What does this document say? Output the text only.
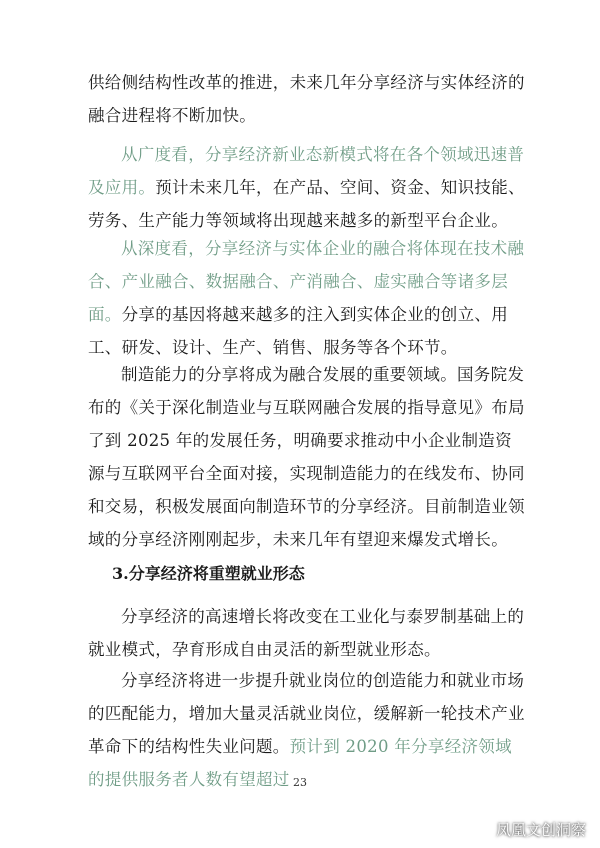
供给侧结构性改革的推进，未来几年分享经济与实体经济的融合进程将不断加快。

从广度看，分享经济新业态新模式将在各个领域迅速普及应用。预计未来几年，在产品、空间、资金、知识技能、劳务、生产能力等领域将出现越来越多的新型平台企业。

从深度看，分享经济与实体企业的融合将体现在技术融合、产业融合、数据融合、产消融合、虚实融合等诸多层面。分享的基因将越来越多的注入到实体企业的创立、用工、研发、设计、生产、销售、服务等各个环节。

制造能力的分享将成为融合发展的重要领域。国务院发布的《关于深化制造业与互联网融合发展的指导意见》布局了到 2025 年的发展任务，明确要求推动中小企业制造资源与互联网平台全面对接，实现制造能力的在线发布、协同和交易，积极发展面向制造环节的分享经济。目前制造业领域的分享经济刚刚起步，未来几年有望迎来爆发式增长。

3.分享经济将重塑就业形态

分享经济的高速增长将改变在工业化与泰罗制基础上的就业模式，孕育形成自由灵活的新型就业形态。

分享经济将进一步提升就业岗位的创造能力和就业市场的匹配能力，增加大量灵活就业岗位，缓解新一轮技术产业革命下的结构性失业问题。预计到 2020 年分享经济领域的提供服务者人数有望超过 23
凤凰文创洞察
